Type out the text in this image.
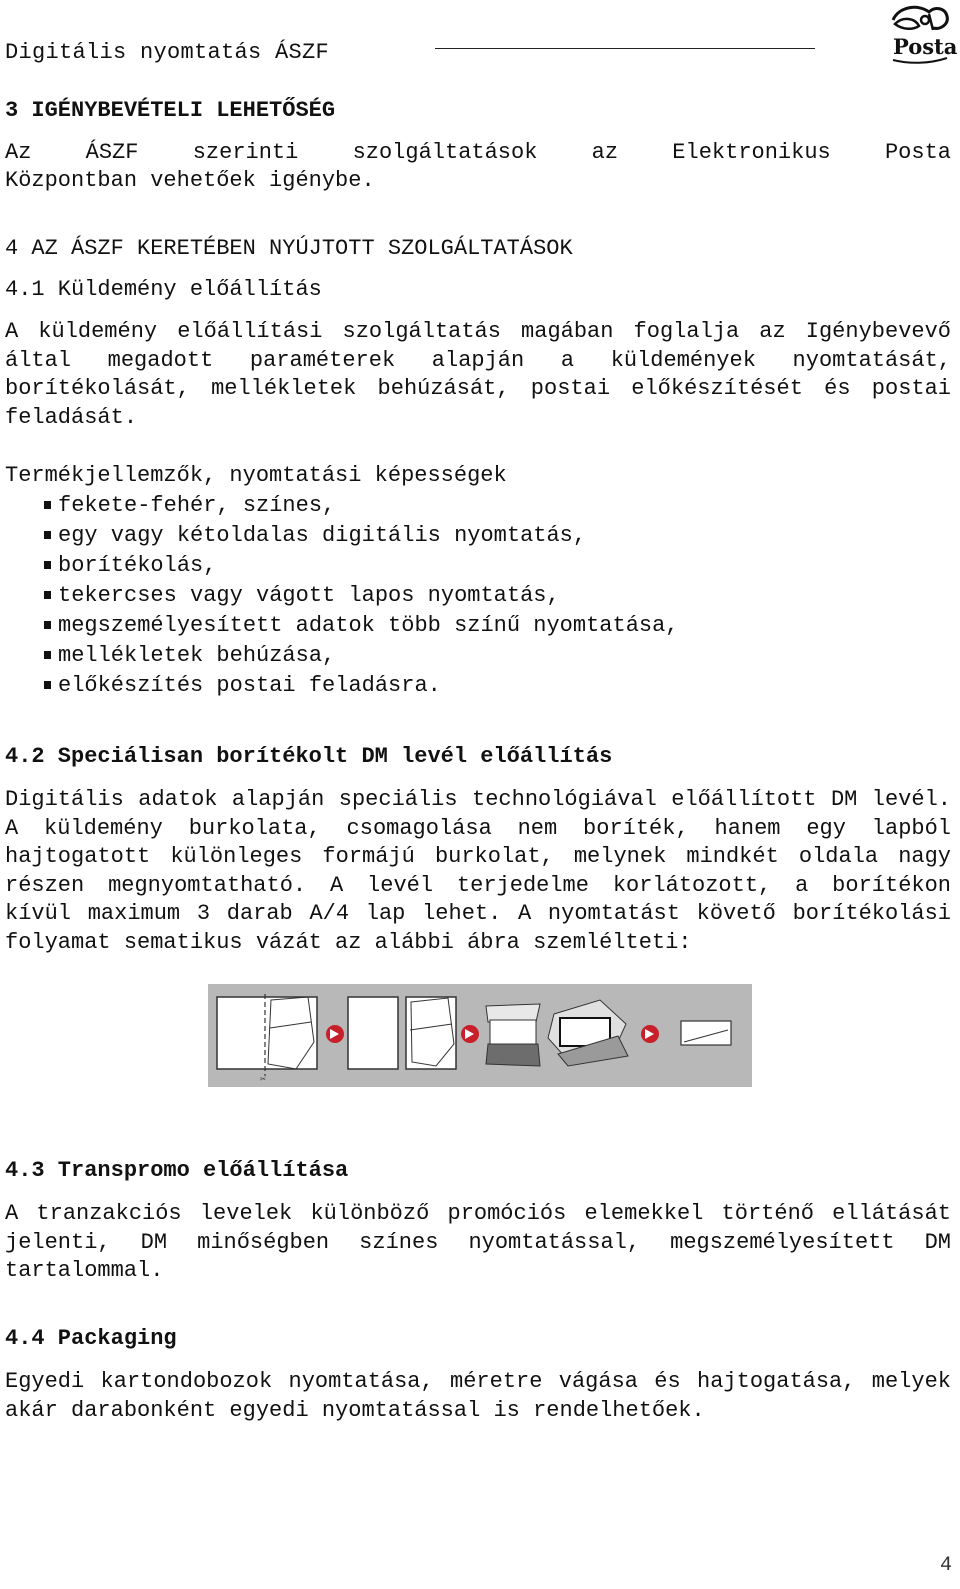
Digitális nyomtatás ÁSZF	Posta
3 IGÉNYBEVÉTELI LEHETŐSÉG
Az ÁSZF szerinti szolgáltatások az Elektronikus Posta
Központban vehetőek igénybe.
4 AZ ÁSZF KERETÉBEN NYÚJTOTT SZOLGÁLTATÁSOK
4.1 Küldemény előállítás
A küldemény előállítási szolgáltatás magában foglalja az Igénybevevő által megadott paraméterek alapján a küldemények nyomtatását, borítékolását, mellékletek behúzását, postai előkészítését és postai feladását.
Termékjellemzők, nyomtatási képességek
fekete-fehér, színes,
egy vagy kétoldalas digitális nyomtatás,
borítékolás,
tekercses vagy vágott lapos nyomtatás,
megszemélyesített adatok több színű nyomtatása,
mellékletek behúzása,
előkészítés postai feladásra.
4.2 Speciálisan borítékolt DM levél előállítás
Digitális adatok alapján speciális technológiával előállított DM levél. A küldemény burkolata, csomagolása nem boríték, hanem egy lapból hajtogatott különleges formájú burkolat, melynek mindkét oldala nagy részen megnyomtatható. A levél terjedelme korlátozott, a borítékon kívül maximum 3 darab A/4 lap lehet. A nyomtatást követő borítékolási folyamat sematikus vázát az alábbi ábra szemlélteti:
✂
4.3 Transpromo előállítása
A tranzakciós levelek különböző promóciós elemekkel történő ellátását jelenti, DM minőségben színes nyomtatással, megszemélyesített DM tartalommal.
4.4 Packaging
Egyedi kartondobozok nyomtatása, méretre vágása és hajtogatása, melyek akár darabonként egyedi nyomtatással is rendelhetőek.
4
